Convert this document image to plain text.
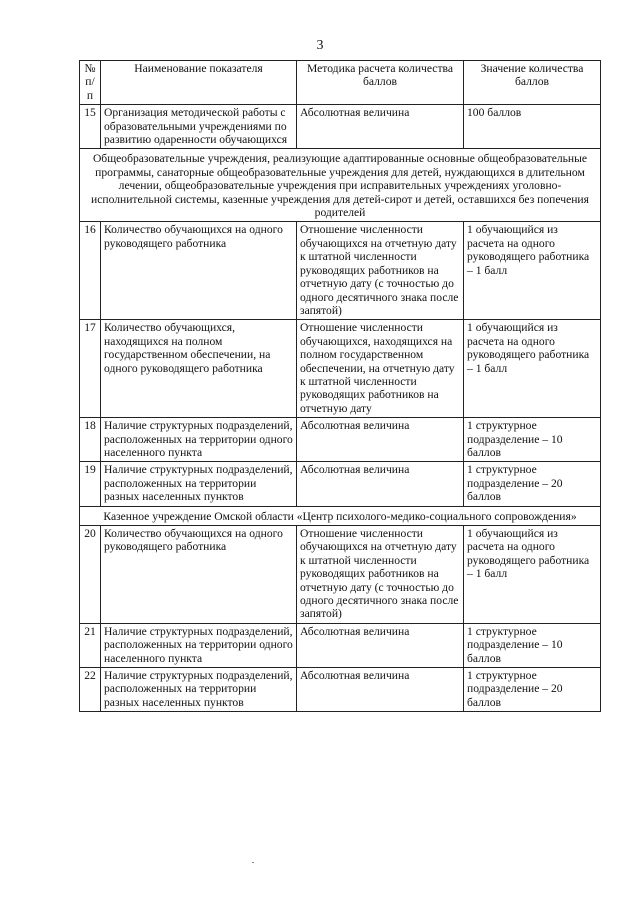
3
№ п/п	Наименование показателя	Методика расчета количества баллов	Значение количества баллов
15	Организация методической работы с образовательными учреждениями по развитию одаренности обучающихся	Абсолютная величина	100 баллов
Общеобразовательные учреждения, реализующие адаптированные основные общеобразовательные программы, санаторные общеобразовательные учреждения для детей, нуждающихся в длительном лечении, общеобразовательные учреждения при исправительных учреждениях уголовно-исполнительной системы, казенные учреждения для детей-сирот и детей, оставшихся без попечения родителей			
16	Количество обучающихся на одного руководящего работника	Отношение численности обучающихся на отчетную дату к штатной численности руководящих работников на отчетную дату (с точностью до одного десятичного знака после запятой)	1 обучающийся из расчета на одного руководящего работника – 1 балл
17	Количество обучающихся, находящихся на полном государственном обеспечении, на одного руководящего работника	Отношение численности обучающихся, находящихся на полном государственном обеспечении, на отчетную дату к штатной численности руководящих работников на отчетную дату	1 обучающийся из расчета на одного руководящего работника – 1 балл
18	Наличие структурных подразделений, расположенных на территории одного населенного пункта	Абсолютная величина	1 структурное подразделение – 10 баллов
19	Наличие структурных подразделений, расположенных на территории разных населенных пунктов	Абсолютная величина	1 структурное подразделение – 20 баллов
Казенное учреждение Омской области «Центр психолого-медико-социального сопровождения»			
20	Количество обучающихся на одного руководящего работника	Отношение численности обучающихся на отчетную дату к штатной численности руководящих работников на отчетную дату (с точностью до одного десятичного знака после запятой)	1 обучающийся из расчета на одного руководящего работника – 1 балл
21	Наличие структурных подразделений, расположенных на территории одного населенного пункта	Абсолютная величина	1 структурное подразделение – 10 баллов
22	Наличие структурных подразделений, расположенных на территории разных населенных пунктов	Абсолютная величина	1 структурное подразделение – 20 баллов
